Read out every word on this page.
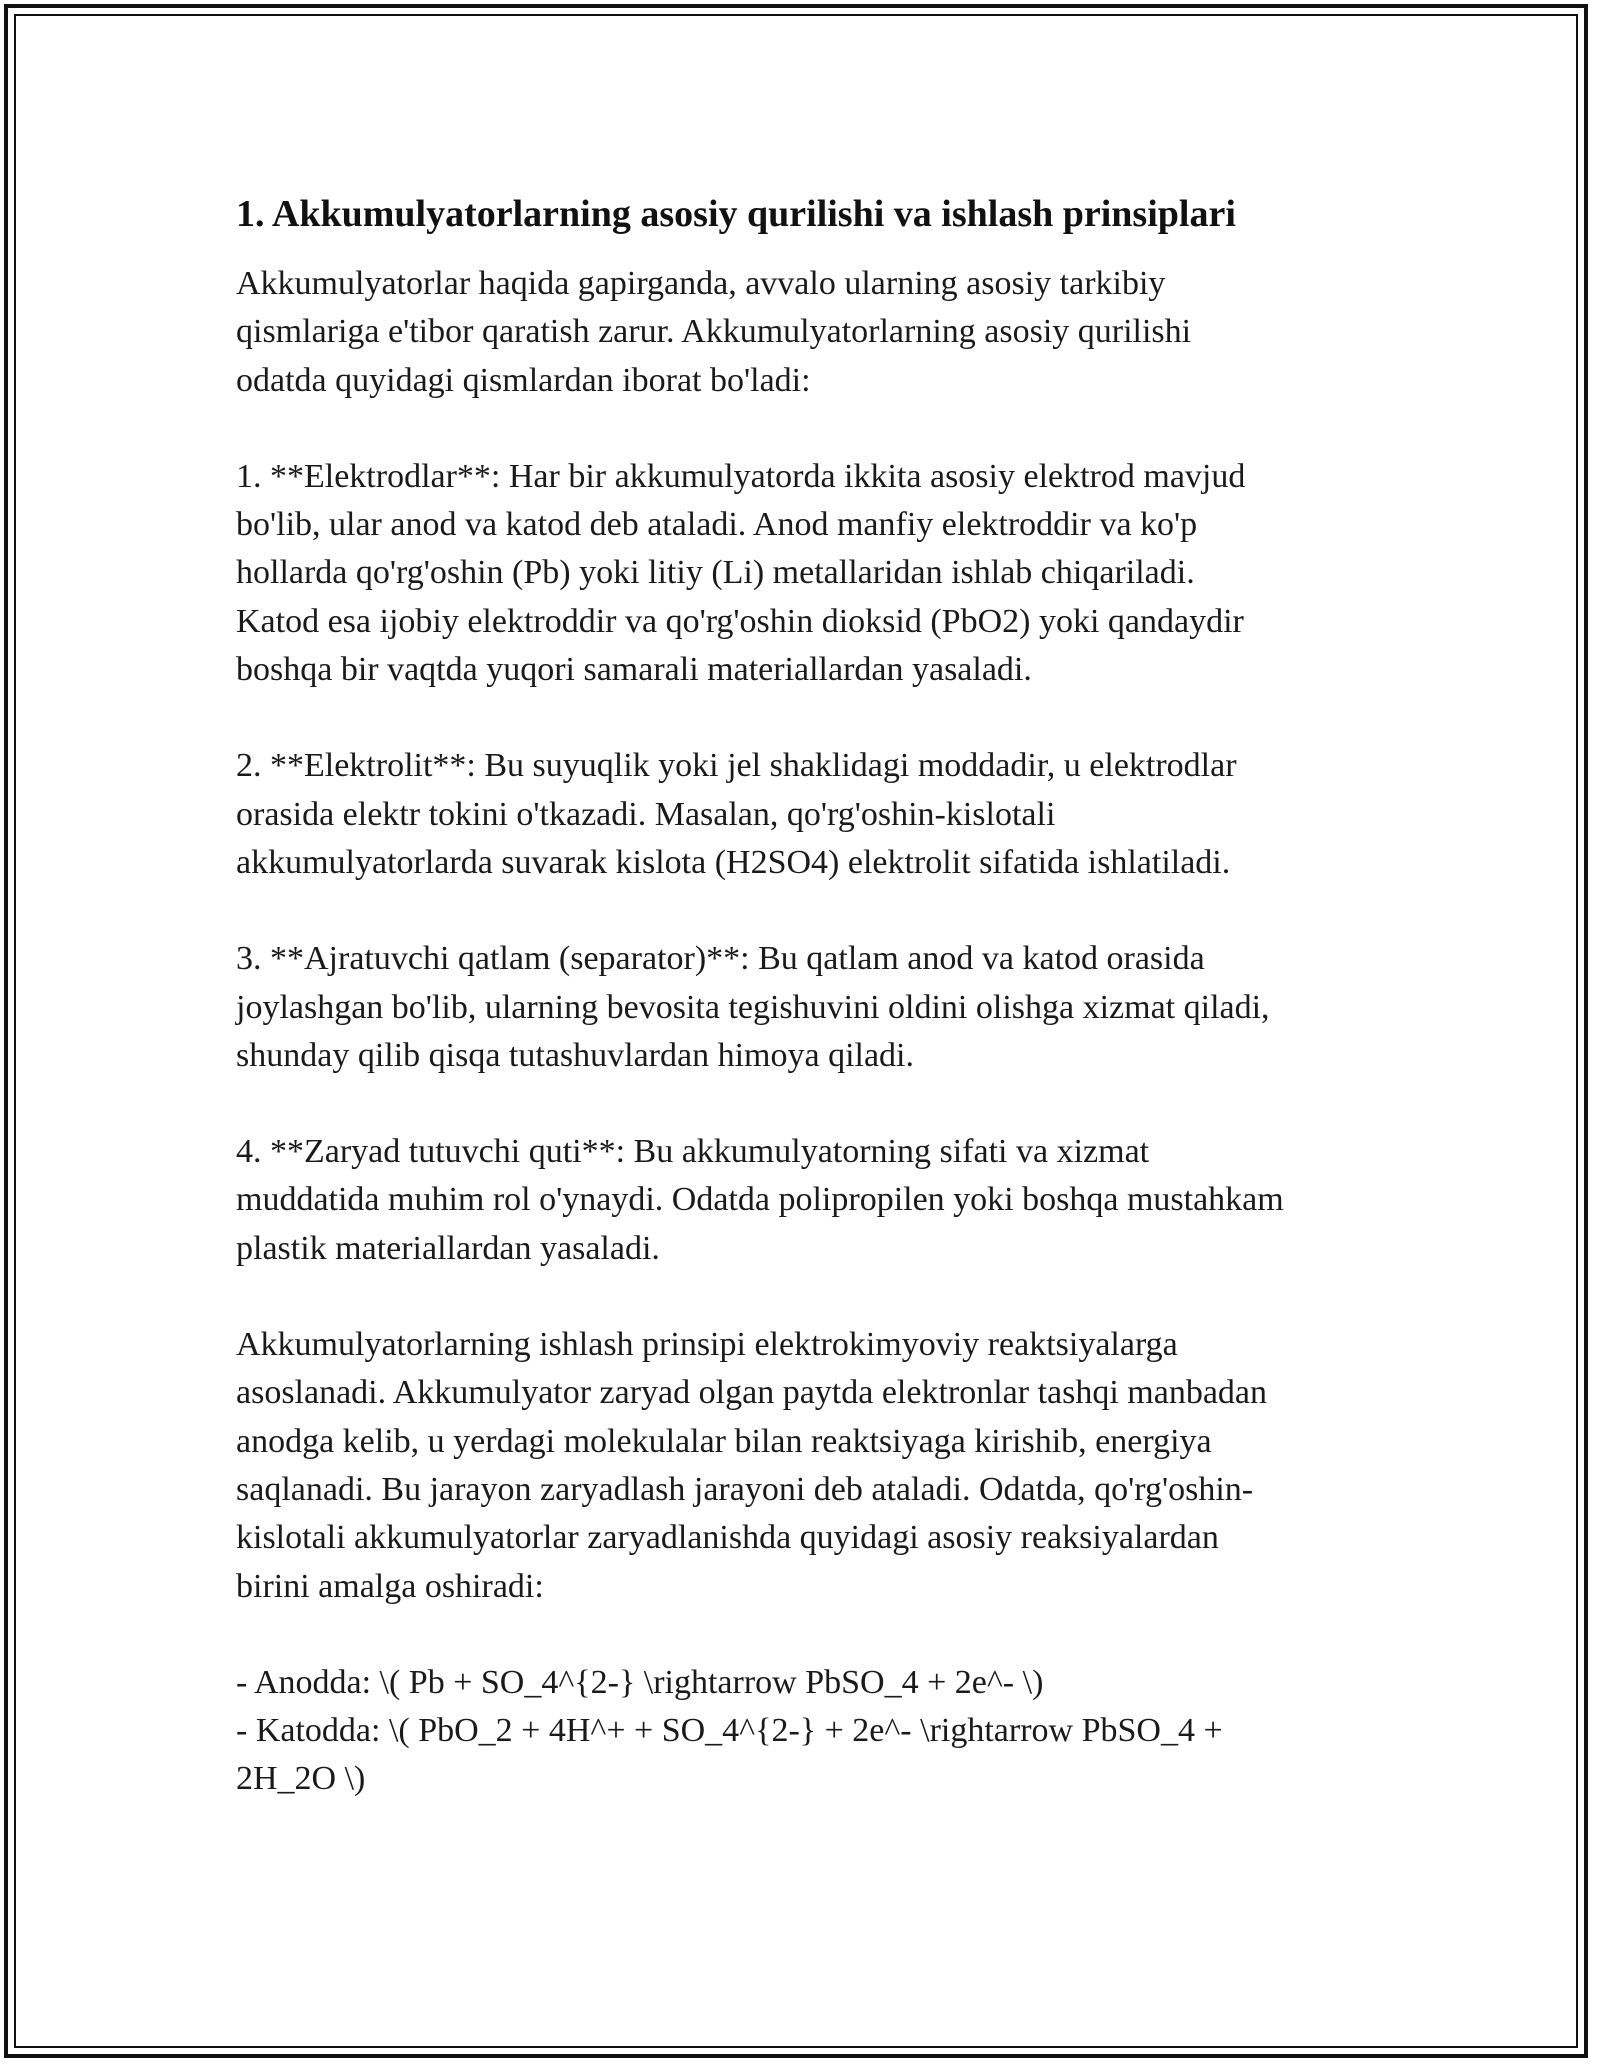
1. Akkumulyatorlarning asosiy qurilishi va ishlash prinsiplari

Akkumulyatorlar haqida gapirganda, avvalo ularning asosiy tarkibiy
qismlariga e'tibor qaratish zarur. Akkumulyatorlarning asosiy qurilishi
odatda quyidagi qismlardan iborat bo'ladi:

1. **Elektrodlar**: Har bir akkumulyatorda ikkita asosiy elektrod mavjud
bo'lib, ular anod va katod deb ataladi. Anod manfiy elektroddir va ko'p
hollarda qo'rg'oshin (Pb) yoki litiy (Li) metallaridan ishlab chiqariladi.
Katod esa ijobiy elektroddir va qo'rg'oshin dioksid (PbO2) yoki qandaydir
boshqa bir vaqtda yuqori samarali materiallardan yasaladi.

2. **Elektrolit**: Bu suyuqlik yoki jel shaklidagi moddadir, u elektrodlar
orasida elektr tokini o'tkazadi. Masalan, qo'rg'oshin-kislotali
akkumulyatorlarda suvarak kislota (H2SO4) elektrolit sifatida ishlatiladi.

3. **Ajratuvchi qatlam (separator)**: Bu qatlam anod va katod orasida
joylashgan bo'lib, ularning bevosita tegishuvini oldini olishga xizmat qiladi,
shunday qilib qisqa tutashuvlardan himoya qiladi.

4. **Zaryad tutuvchi quti**: Bu akkumulyatorning sifati va xizmat
muddatida muhim rol o'ynaydi. Odatda polipropilen yoki boshqa mustahkam
plastik materiallardan yasaladi.

Akkumulyatorlarning ishlash prinsipi elektrokimyoviy reaktsiyalarga
asoslanadi. Akkumulyator zaryad olgan paytda elektronlar tashqi manbadan
anodga kelib, u yerdagi molekulalar bilan reaktsiyaga kirishib, energiya
saqlanadi. Bu jarayon zaryadlash jarayoni deb ataladi. Odatda, qo'rg'oshin-
kislotali akkumulyatorlar zaryadlanishda quyidagi asosiy reaksiyalardan
birini amalga oshiradi:

- Anodda: \( Pb + SO_4^{2-} \rightarrow PbSO_4 + 2e^- \)
- Katodda: \( PbO_2 + 4H^+ + SO_4^{2-} + 2e^- \rightarrow PbSO_4 +
2H_2O \)
